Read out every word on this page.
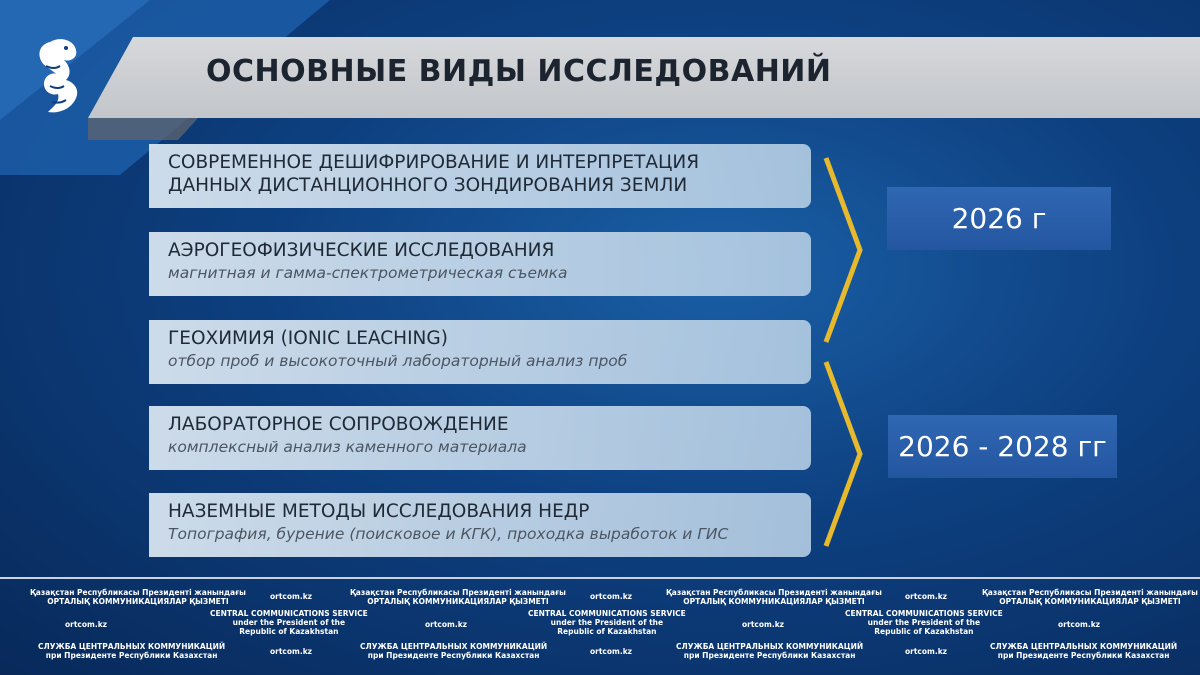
ОСНОВНЫЕ ВИДЫ ИССЛЕДОВАНИЙ
СОВРЕМЕННОЕ ДЕШИФРИРОВАНИЕ И ИНТЕРПРЕТАЦИЯ
ДАННЫХ ДИСТАНЦИОННОГО ЗОНДИРОВАНИЯ ЗЕМЛИ
АЭРОГЕОФИЗИЧЕСКИЕ ИССЛЕДОВАНИЯ
магнитная и гамма-спектрометрическая съемка
ГЕОХИМИЯ (IONIC LEACHING)
отбор проб и высокоточный лабораторный анализ проб
ЛАБОРАТОРНОЕ СОПРОВОЖДЕНИЕ
комплексный анализ каменного материала
НАЗЕМНЫЕ МЕТОДЫ ИССЛЕДОВАНИЯ НЕДР
Топография, бурение (поисковое и КГК), проходка выработок и ГИС
2026 г
2026 - 2028 гг
Қазақстан Республикасы Президенті жанындағы
ОРТАЛЫҚ КОММУНИКАЦИЯЛАР ҚЫЗМЕТІ
ortcom.kz	Қазақстан Республикасы Президенті жанындағы
ОРТАЛЫҚ КОММУНИКАЦИЯЛАР ҚЫЗМЕТІ
ortcom.kz	Қазақстан Республикасы Президенті жанындағы
ОРТАЛЫҚ КОММУНИКАЦИЯЛАР ҚЫЗМЕТІ
ortcom.kz	Қазақстан Республикасы Президенті жанындағы
ОРТАЛЫҚ КОММУНИКАЦИЯЛАР ҚЫЗМЕТІ
ortcom.kz
CENTRAL COMMUNICATIONS SERVICE
under the President of the
Republic of Kazakhstan
ortcom.kz
CENTRAL COMMUNICATIONS SERVICE
under the President of the
Republic of Kazakhstan
ortcom.kz
CENTRAL COMMUNICATIONS SERVICE
under the President of the
Republic of Kazakhstan
ortcom.kz
СЛУЖБА ЦЕНТРАЛЬНЫХ КОММУНИКАЦИЙ
при Президенте Республики Казахстан	ortcom.kz
СЛУЖБА ЦЕНТРАЛЬНЫХ КОММУНИКАЦИЙ
при Президенте Республики Казахстан	ortcom.kz
СЛУЖБА ЦЕНТРАЛЬНЫХ КОММУНИКАЦИЙ
при Президенте Республики Казахстан	ortcom.kz
СЛУЖБА ЦЕНТРАЛЬНЫХ КОММУНИКАЦИЙ
при Президенте Республики Казахстан
